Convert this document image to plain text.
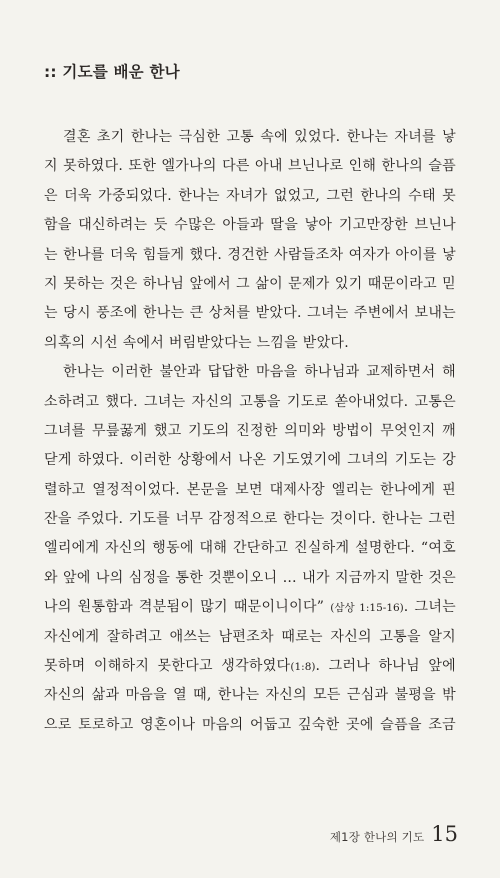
:: 기도를 배운 한나
결혼 초기 한나는 극심한 고통 속에 있었다. 한나는 자녀를 낳
지 못하였다. 또한 엘가나의 다른 아내 브닌나로 인해 한나의 슬픔
은 더욱 가중되었다. 한나는 자녀가 없었고, 그런 한나의 수태 못
함을 대신하려는 듯 수많은 아들과 딸을 낳아 기고만장한 브닌나
는 한나를 더욱 힘들게 했다. 경건한 사람들조차 여자가 아이를 낳
지 못하는 것은 하나님 앞에서 그 삶이 문제가 있기 때문이라고 믿
는 당시 풍조에 한나는 큰 상처를 받았다. 그녀는 주변에서 보내는
의혹의 시선 속에서 버림받았다는 느낌을 받았다.
한나는 이러한 불안과 답답한 마음을 하나님과 교제하면서 해
소하려고 했다. 그녀는 자신의 고통을 기도로 쏟아내었다. 고통은
그녀를 무릎꿇게 했고 기도의 진정한 의미와 방법이 무엇인지 깨
닫게 하였다. 이러한 상황에서 나온 기도였기에 그녀의 기도는 강
렬하고 열정적이었다. 본문을 보면 대제사장 엘리는 한나에게 핀
잔을 주었다. 기도를 너무 감정적으로 한다는 것이다. 한나는 그런
엘리에게 자신의 행동에 대해 간단하고 진실하게 설명한다. “여호
와 앞에 나의 심정을 통한 것뿐이오니 … 내가 지금까지 말한 것은
나의 원통함과 격분됨이 많기 때문이니이다” (삼상 1:15-16). 그녀는
자신에게 잘하려고 애쓰는 남편조차 때로는 자신의 고통을 알지
못하며 이해하지 못한다고 생각하였다(1:8). 그러나 하나님 앞에
자신의 삶과 마음을 열 때, 한나는 자신의 모든 근심과 불평을 밖
으로 토로하고 영혼이나 마음의 어둡고 깊숙한 곳에 슬픔을 조금
제1장 한나의 기도 15
